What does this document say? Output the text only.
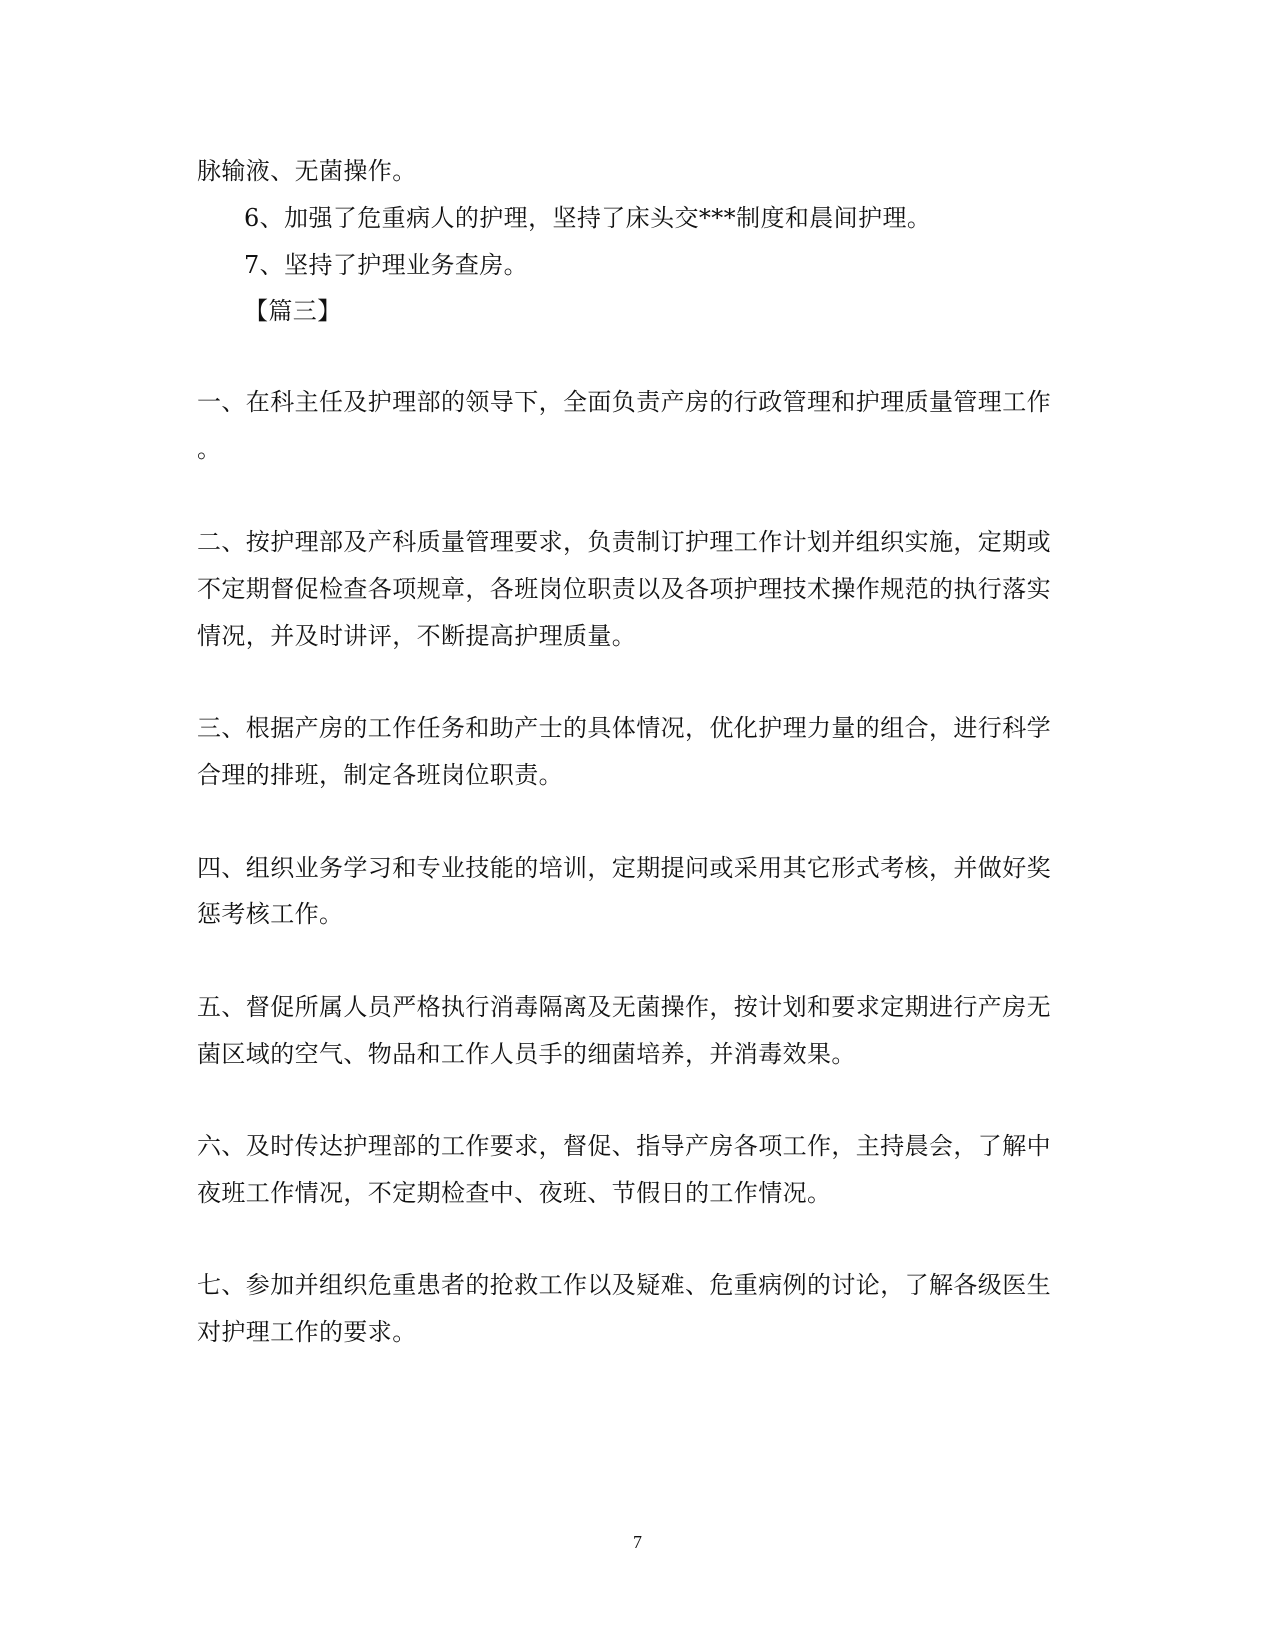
脉输液、无菌操作。
6、加强了危重病人的护理，坚持了床头交***制度和晨间护理。
7、坚持了护理业务查房。
【篇三】
一、在科主任及护理部的领导下，全面负责产房的行政管理和护理质量管理工作
。
二、按护理部及产科质量管理要求，负责制订护理工作计划并组织实施，定期或
不定期督促检查各项规章，各班岗位职责以及各项护理技术操作规范的执行落实
情况，并及时讲评，不断提高护理质量。
三、根据产房的工作任务和助产士的具体情况，优化护理力量的组合，进行科学
合理的排班，制定各班岗位职责。
四、组织业务学习和专业技能的培训，定期提问或采用其它形式考核，并做好奖
惩考核工作。
五、督促所属人员严格执行消毒隔离及无菌操作，按计划和要求定期进行产房无
菌区域的空气、物品和工作人员手的细菌培养，并消毒效果。
六、及时传达护理部的工作要求，督促、指导产房各项工作，主持晨会，了解中
夜班工作情况，不定期检查中、夜班、节假日的工作情况。
七、参加并组织危重患者的抢救工作以及疑难、危重病例的讨论，了解各级医生
对护理工作的要求。
7
